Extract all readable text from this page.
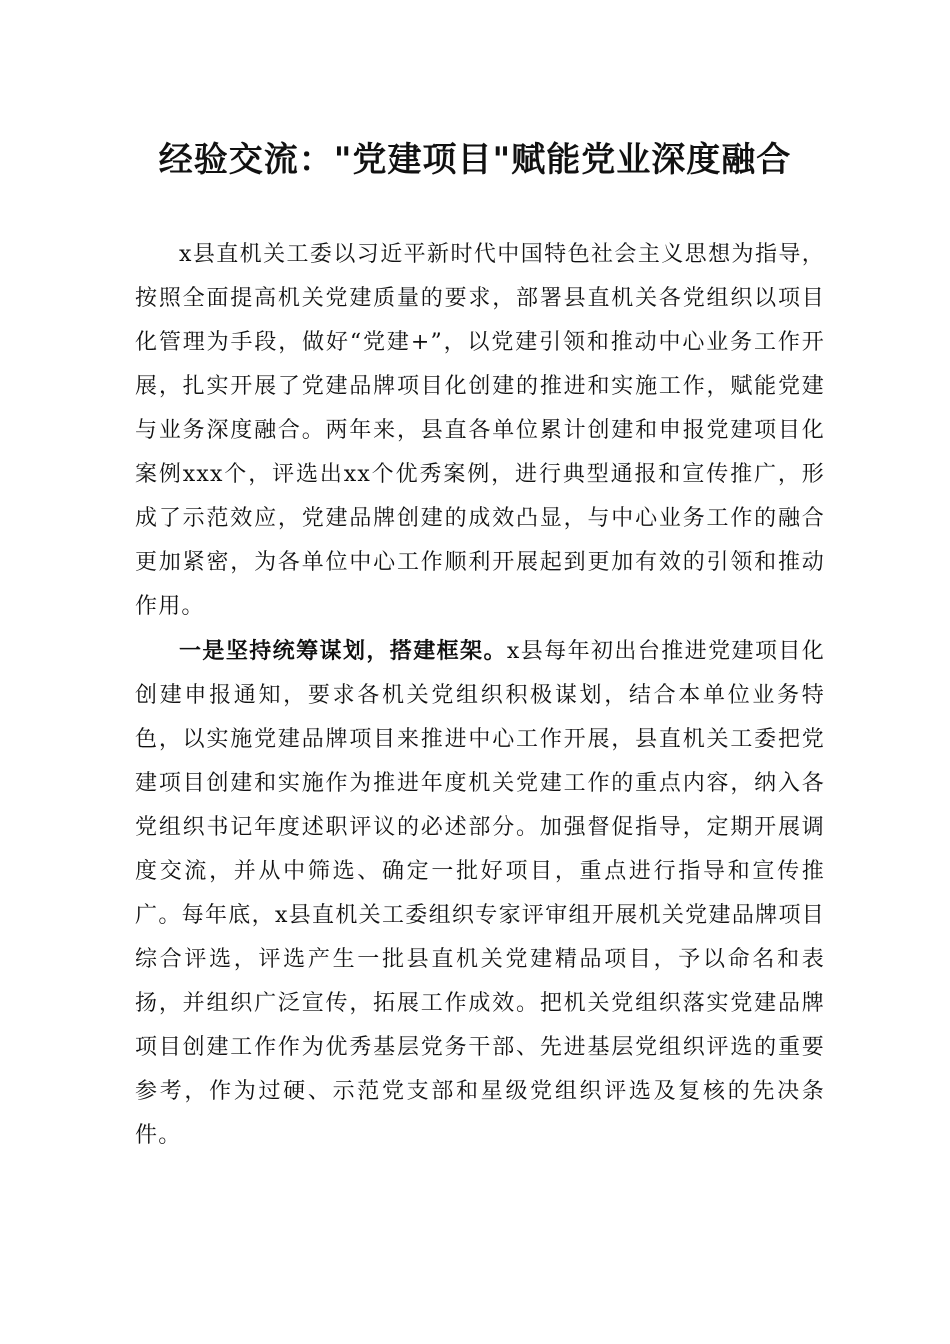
经验交流："党建项目"赋能党业深度融合

x县直机关工委以习近平新时代中国特色社会主义思想为指导，按照全面提高机关党建质量的要求，部署县直机关各党组织以项目化管理为手段，做好“党建+”，以党建引领和推动中心业务工作开展，扎实开展了党建品牌项目化创建的推进和实施工作，赋能党建与业务深度融合。两年来，县直各单位累计创建和申报党建项目化案例xxx个，评选出xx个优秀案例，进行典型通报和宣传推广，形成了示范效应，党建品牌创建的成效凸显，与中心业务工作的融合更加紧密，为各单位中心工作顺利开展起到更加有效的引领和推动作用。

一是坚持统筹谋划，搭建框架。x县每年初出台推进党建项目化创建申报通知，要求各机关党组织积极谋划，结合本单位业务特色，以实施党建品牌项目来推进中心工作开展，县直机关工委把党建项目创建和实施作为推进年度机关党建工作的重点内容，纳入各党组织书记年度述职评议的必述部分。加强督促指导，定期开展调度交流，并从中筛选、确定一批好项目，重点进行指导和宣传推广。每年底，x县直机关工委组织专家评审组开展机关党建品牌项目综合评选，评选产生一批县直机关党建精品项目，予以命名和表扬，并组织广泛宣传，拓展工作成效。把机关党组织落实党建品牌项目创建工作作为优秀基层党务干部、先进基层党组织评选的重要参考，作为过硬、示范党支部和星级党组织评选及复核的先决条件。
